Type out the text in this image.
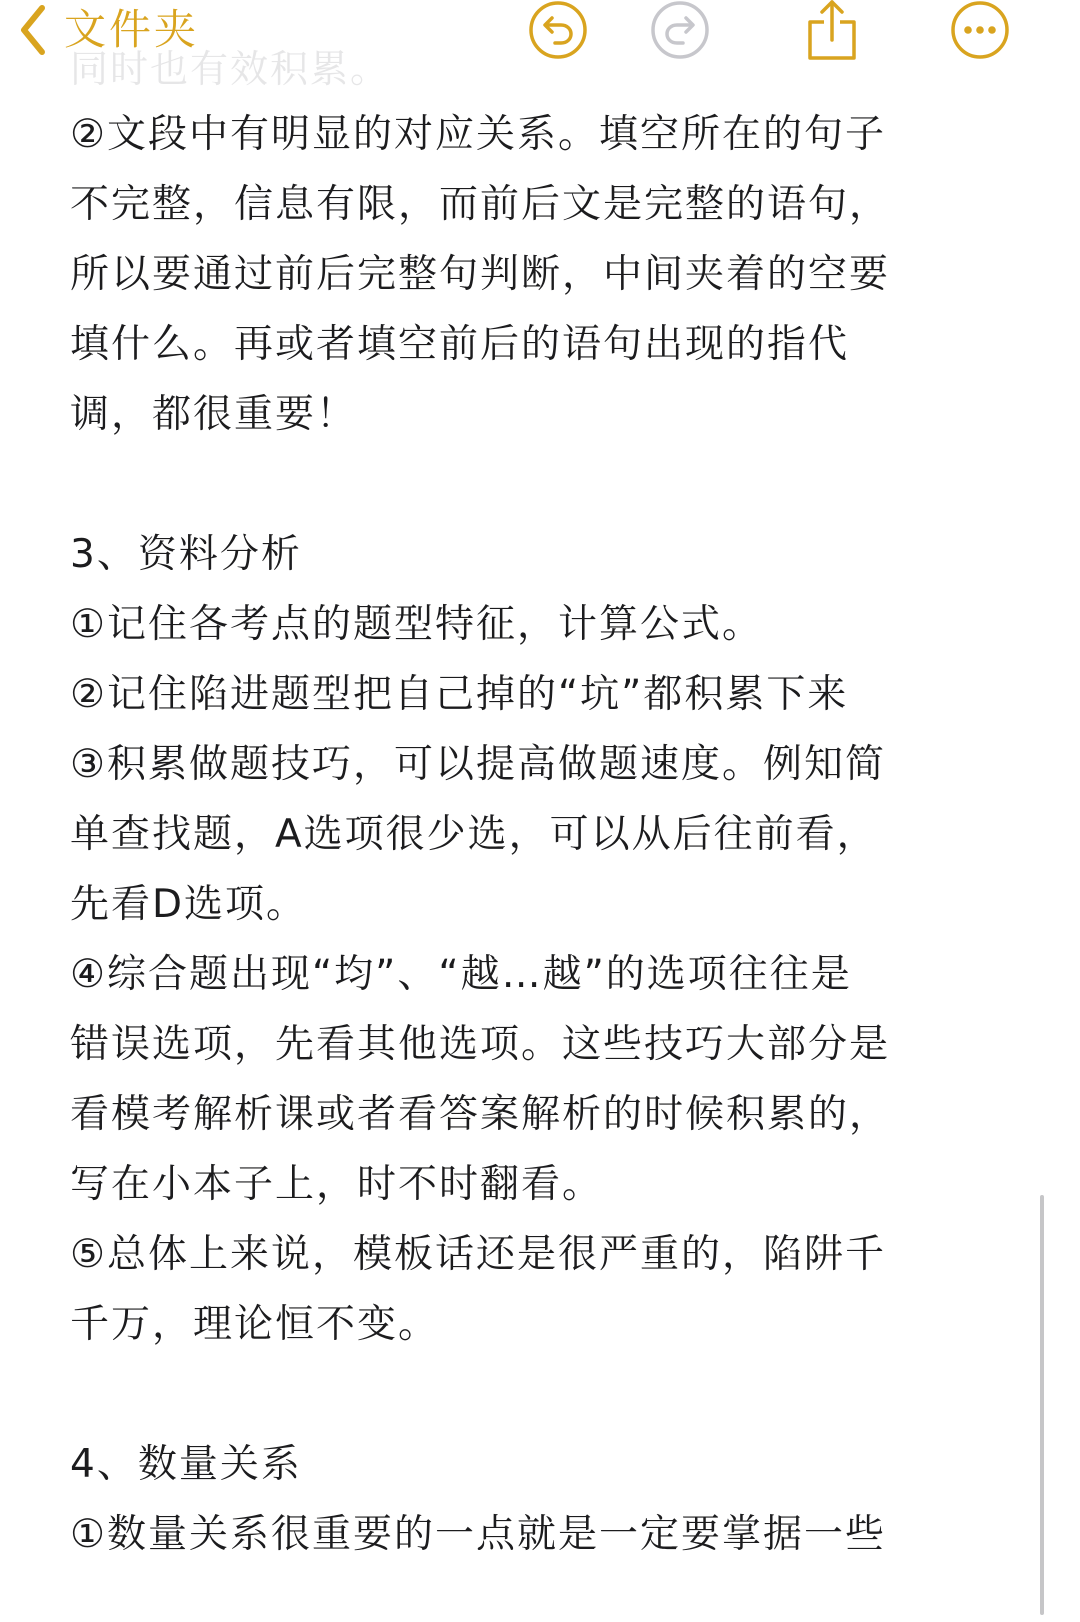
同时也有效积累。
文件夹
②文段中有明显的对应关系。填空所在的句子
不完整，信息有限，而前后文是完整的语句，
所以要通过前后完整句判断，中间夹着的空要
填什么。再或者填空前后的语句出现的指代
调，都很重要！
3、资料分析
①记住各考点的题型特征，计算公式。
②记住陷进题型把自己掉的“坑”都积累下来
③积累做题技巧，可以提高做题速度。例知简
单查找题，A选项很少选，可以从后往前看，
先看D选项。
④综合题出现“均”、“越…越”的选项往往是
错误选项，先看其他选项。这些技巧大部分是
看模考解析课或者看答案解析的时候积累的，
写在小本子上，时不时翻看。
⑤总体上来说，模板话还是很严重的，陷阱千
千万，理论恒不变。
4、数量关系
①数量关系很重要的一点就是一定要掌据一些
